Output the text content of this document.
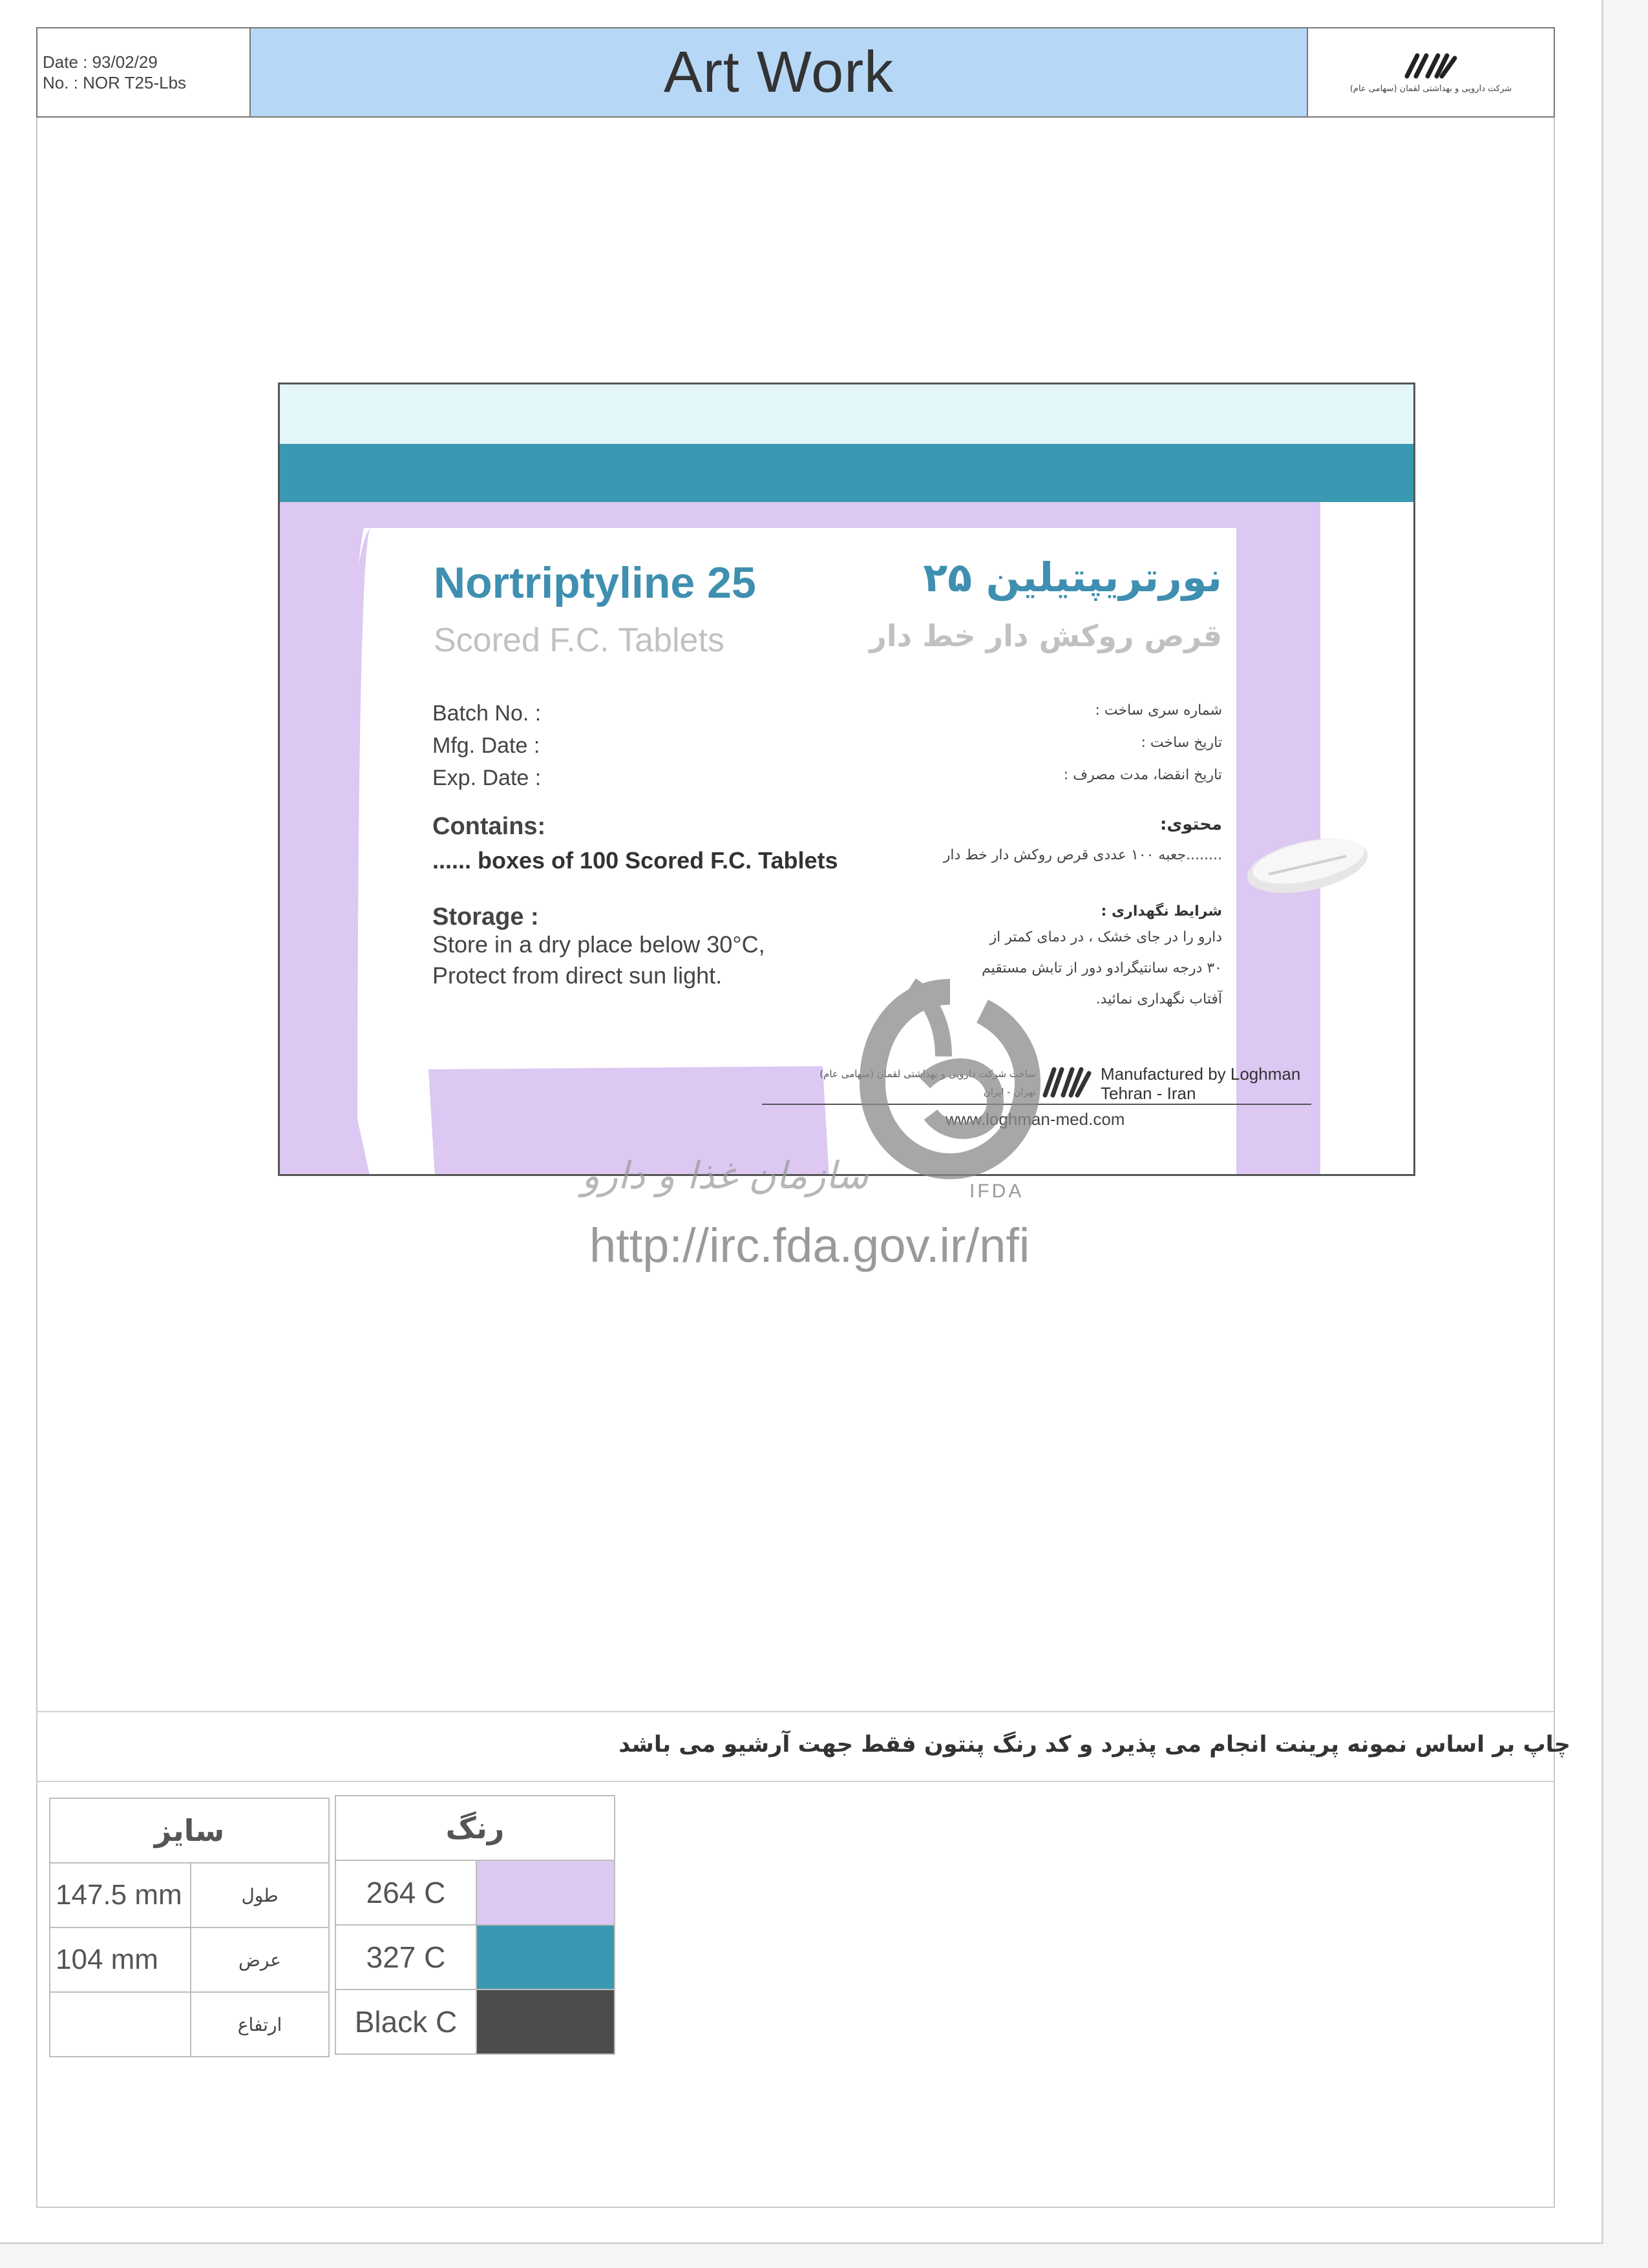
Date : 93/02/29
No. : NOR T25-Lbs	Art Work	شرکت دارویی و بهداشتی لقمان (سهامی عام)
Nortriptyline 25
Scored F.C. Tablets
نورتریپتیلین ۲۵
قرص روکش دار خط دار
Batch No. :
Mfg. Date :
Exp. Date :
شماره سری ساخت :
تاریخ ساخت :
تاریخ انقضا، مدت مصرف :
Contains:
...... boxes of 100 Scored F.C. Tablets
محتوی:
........جعبه ۱۰۰ عددی قرص روکش دار خط دار
Storage :
Store in a dry place below 30°C,
Protect from direct sun light.
شرایط نگهداری :
دارو را در جای خشک ، در دمای کمتر از
۳۰ درجه سانتیگرادو دور از تابش مستقیم
آفتاب نگهداری نمائید.
ساخت شرکت دارویی و بهداشتی لقمان (سهامی عام)
تهران - ایران
Manufactured by Loghman
Tehran - Iran
www.loghman-med.com
سازمان غذا و دارو	IFDA
http://irc.fda.gov.ir/nfi
چاپ بر اساس نمونه پرینت انجام می پذیرد و کد رنگ پنتون فقط جهت آرشیو می باشد
سایز	
147.5 mm	طول
104 mm	عرض
	ارتفاع
رنگ	
264 C	
327 C	
Black C	
